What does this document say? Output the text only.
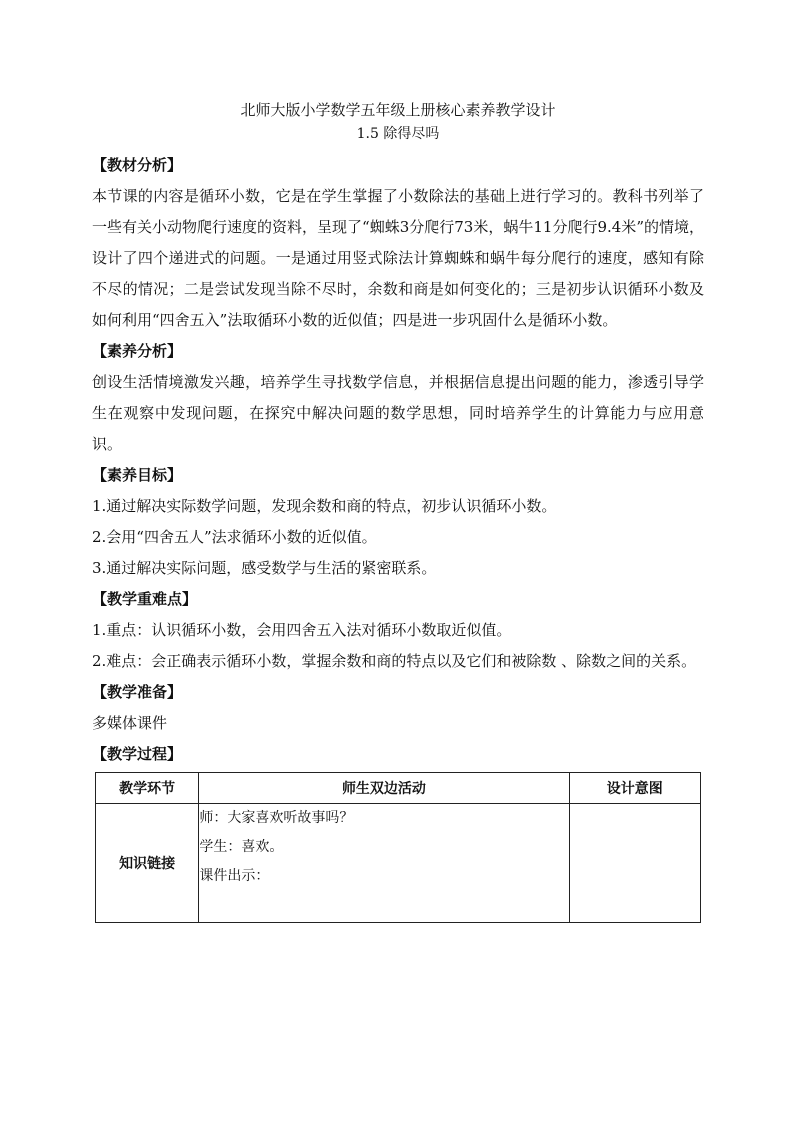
北师大版小学数学五年级上册核心素养教学设计

1.5 除得尽吗

【教材分析】

本节课的内容是循环小数，它是在学生掌握了小数除法的基础上进行学习的。教科书列举了一些有关小动物爬行速度的资料，呈现了“蜘蛛3分爬行73米，蜗牛11分爬行9.4米”的情境，设计了四个递进式的问题。一是通过用竖式除法计算蜘蛛和蜗牛每分爬行的速度，感知有除不尽的情况；二是尝试发现当除不尽时，余数和商是如何变化的；三是初步认识循环小数及如何利用“四舍五入”法取循环小数的近似值；四是进一步巩固什么是循环小数。

【素养分析】

创设生活情境激发兴趣，培养学生寻找数学信息，并根据信息提出问题的能力，渗透引导学生在观察中发现问题，在探究中解决问题的数学思想，同时培养学生的计算能力与应用意识。

【素养目标】

1.通过解决实际数学问题，发现余数和商的特点，初步认识循环小数。

2.会用“四舍五人”法求循环小数的近似值。

3.通过解决实际问题，感受数学与生活的紧密联系。

【教学重难点】

1.重点：认识循环小数，会用四舍五入法对循环小数取近似值。

2.难点：会正确表示循环小数，掌握余数和商的特点以及它们和被除数 、除数之间的关系。

【教学准备】

多媒体课件

【教学过程】

教学环节	师生双边活动	设计意图
知识链接	师：大家喜欢听故事吗？
学生：喜欢。
课件出示：	
